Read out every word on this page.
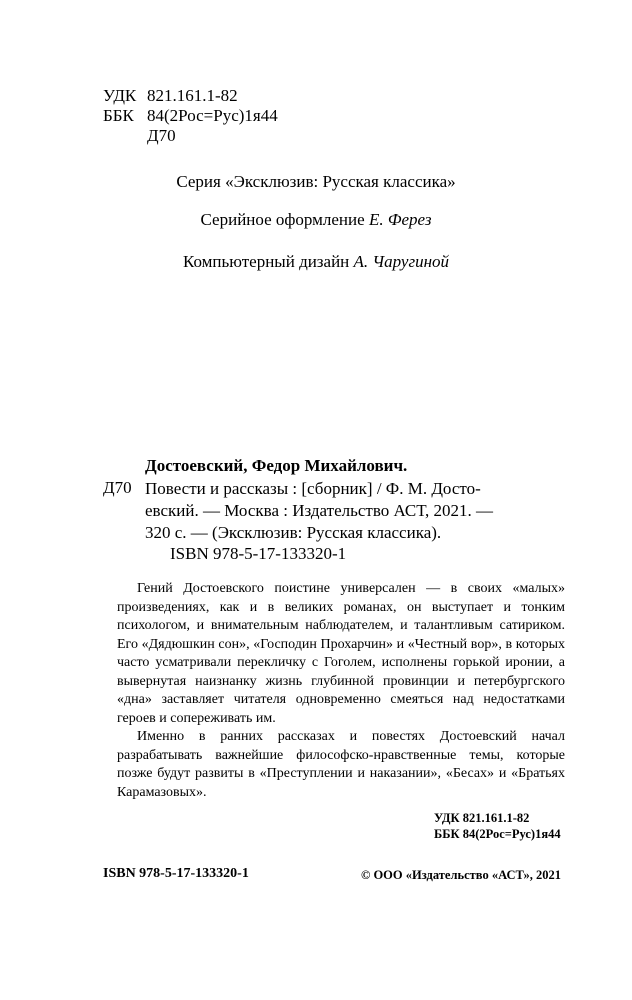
УДК 821.161.1-82
ББК 84(2Рос=Рус)1я44
Д70
Серия «Эксклюзив: Русская классика»
Серийное оформление Е. Ферез
Компьютерный дизайн А. Чаругиной
Достоевский, Федор Михайлович.
Д70 Повести и рассказы : [сборник] / Ф. М. Досто-
евский. — Москва : Издательство АСТ, 2021. —
320 с. — (Эксклюзив: Русская классика).
ISBN 978-5-17-133320-1

Гений Достоевского поистине универсален — в своих «малых» произведениях, как и в великих романах, он выступает и тонким психологом, и внимательным наблюдателем, и талантливым сатириком. Его «Дядюшкин сон», «Господин Прохарчин» и «Честный вор», в которых часто усматривали перекличку с Гоголем, исполнены горькой иронии, а вывернутая наизнанку жизнь глубинной провинции и петербургского «дна» заставляет читателя одновременно смеяться над недостатками героев и сопереживать им.

Именно в ранних рассказах и повестях Достоевский начал разрабатывать важнейшие философско-нравственные темы, которые позже будут развиты в «Преступлении и наказании», «Бесах» и «Братьях Карамазовых».

УДК 821.161.1-82
ББК 84(2Рос=Рус)1я44
ISBN 978-5-17-133320-1	© ООО «Издательство «АСТ», 2021
